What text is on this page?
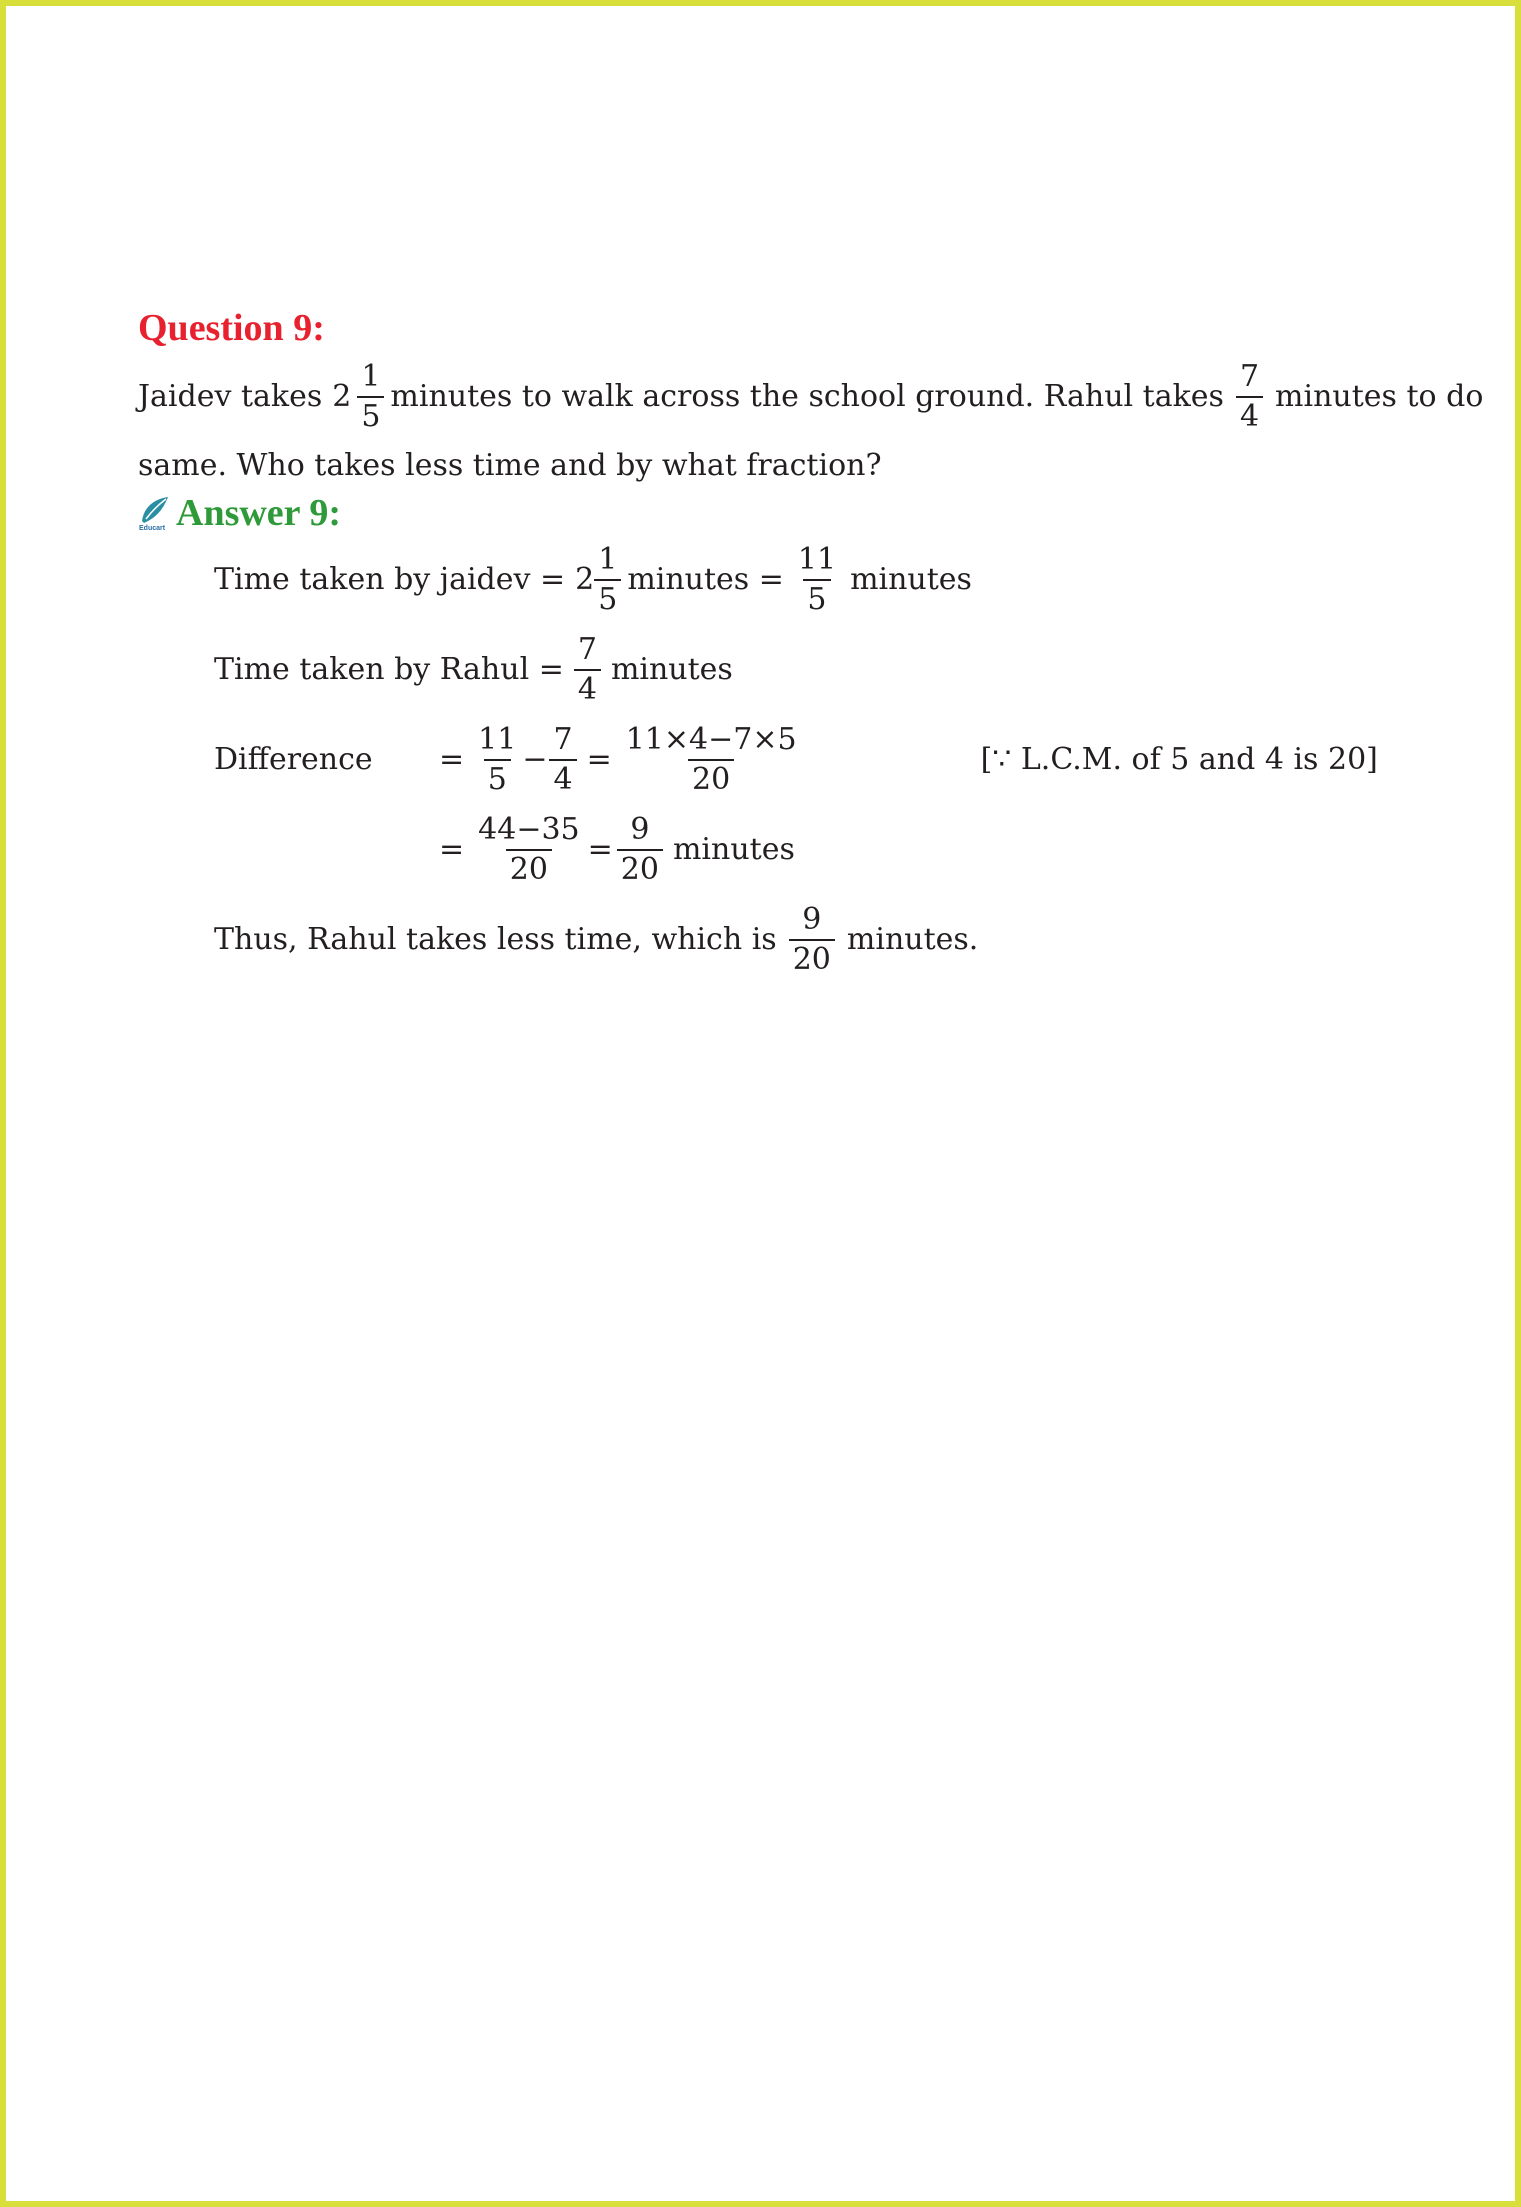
Question 9:
Jaidev takes $2 \frac{1}{5}$ minutes to walk across the school ground. Rahul takes $\frac{7}{4}$ minutes to do
same. Who takes less time and by what fraction?
Educart Answer 9:
Time taken by jaidev = $2 \frac{1}{5}$ minutes = $\frac{11}{5}$ minutes
Time taken by Rahul = $\frac{7}{4}$ minutes
Difference	= $\frac{11}{5} - \frac{7}{4} = \frac{11\times 4-7\times 5}{20}$	[∵ L.C.M. of 5 and 4 is 20]
= $\frac{44-35}{20} = \frac{9}{20}$ minutes
Thus, Rahul takes less time, which is $\frac{9}{20}$ minutes.
